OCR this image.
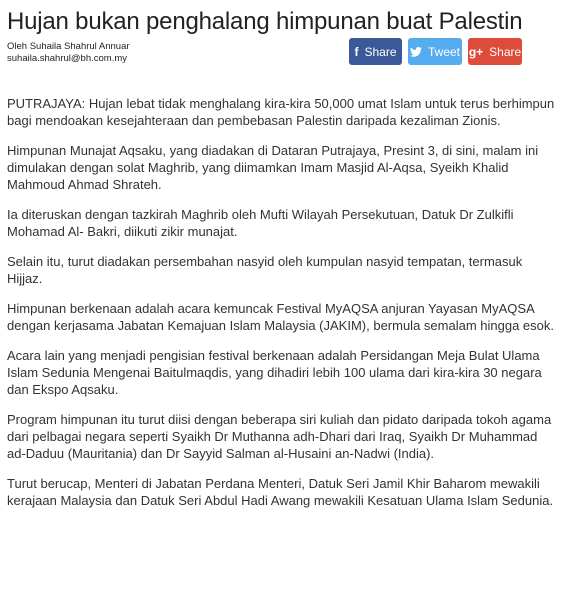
Hujan bukan penghalang himpunan buat Palestin
Oleh Suhaila Shahrul Annuar
suhaila.shahrul@bh.com.my	f Share	Tweet g+ Share

PUTRAJAYA: Hujan lebat tidak menghalang kira-kira 50,000 umat Islam untuk terus berhimpun bagi mendoakan kesejahteraan dan pembebasan Palestin daripada kezaliman Zionis.

Himpunan Munajat Aqsaku, yang diadakan di Dataran Putrajaya, Presint 3, di sini, malam ini dimulakan dengan solat Maghrib, yang diimamkan Imam Masjid Al-Aqsa, Syeikh Khalid Mahmoud Ahmad Shrateh.

Ia diteruskan dengan tazkirah Maghrib oleh Mufti Wilayah Persekutuan, Datuk Dr Zulkifli Mohamad Al- Bakri, diikuti zikir munajat.

Selain itu, turut diadakan persembahan nasyid oleh kumpulan nasyid tempatan, termasuk Hijjaz.

Himpunan berkenaan adalah acara kemuncak Festival MyAQSA anjuran Yayasan MyAQSA dengan kerjasama Jabatan Kemajuan Islam Malaysia (JAKIM), bermula semalam hingga esok.

Acara lain yang menjadi pengisian festival berkenaan adalah Persidangan Meja Bulat Ulama Islam Sedunia Mengenai Baitulmaqdis, yang dihadiri lebih 100 ulama dari kira-kira 30 negara dan Ekspo Aqsaku.

Program himpunan itu turut diisi dengan beberapa siri kuliah dan pidato daripada tokoh agama dari pelbagai negara seperti Syaikh Dr Muthanna adh-Dhari dari Iraq, Syaikh Dr Muhammad ad-Daduu (Mauritania) dan Dr Sayyid Salman al-Husaini an-Nadwi (India).

Turut berucap, Menteri di Jabatan Perdana Menteri, Datuk Seri Jamil Khir Baharom mewakili kerajaan Malaysia dan Datuk Seri Abdul Hadi Awang mewakili Kesatuan Ulama Islam Sedunia.
